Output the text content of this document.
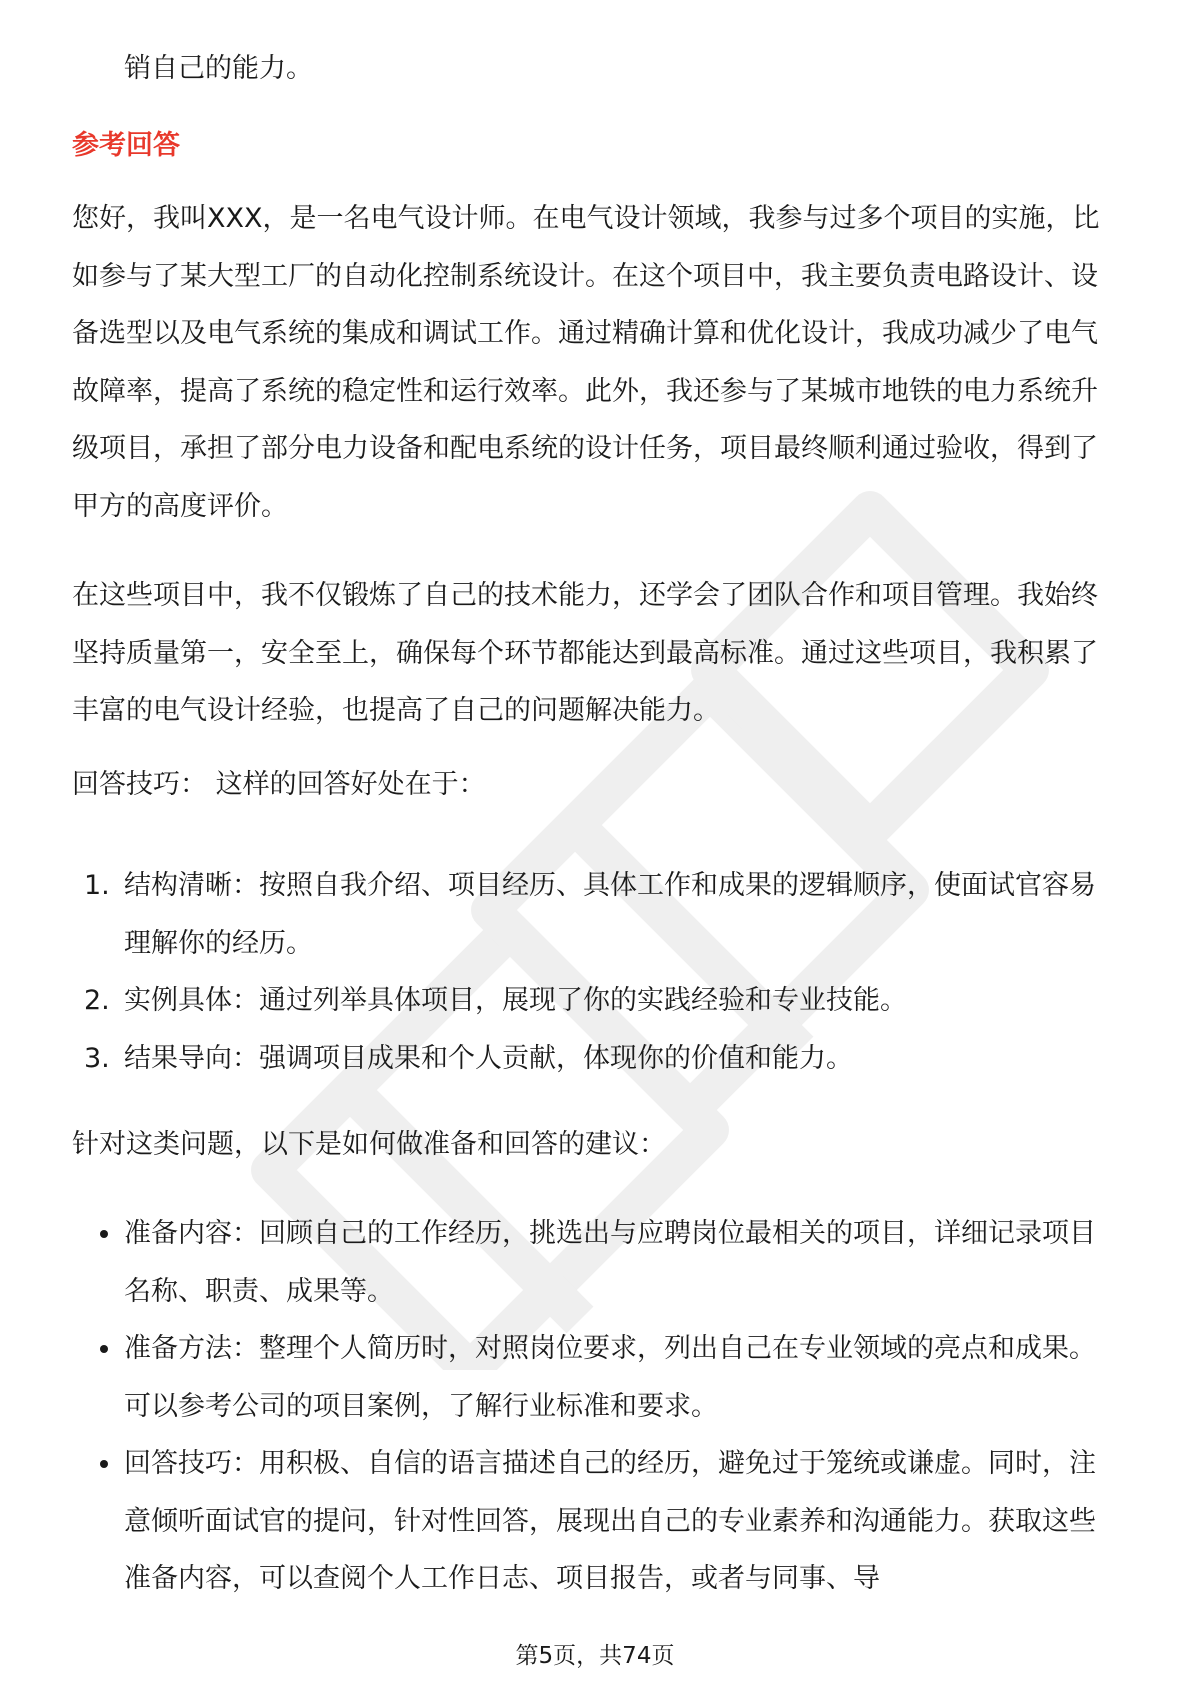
销自己的能力。

参考回答

您好，我叫XXX，是一名电气设计师。在电气设计领域，我参与过多个项目的实施，比如参与了某大型工厂的自动化控制系统设计。在这个项目中，我主要负责电路设计、设备选型以及电气系统的集成和调试工作。通过精确计算和优化设计，我成功减少了电气故障率，提高了系统的稳定性和运行效率。此外，我还参与了某城市地铁的电力系统升级项目，承担了部分电力设备和配电系统的设计任务，项目最终顺利通过验收，得到了甲方的高度评价。

在这些项目中，我不仅锻炼了自己的技术能力，还学会了团队合作和项目管理。我始终坚持质量第一，安全至上，确保每个环节都能达到最高标准。通过这些项目，我积累了丰富的电气设计经验，也提高了自己的问题解决能力。

回答技巧： 这样的回答好处在于：

1. 结构清晰：按照自我介绍、项目经历、具体工作和成果的逻辑顺序，使面试官容易理解你的经历。
2. 实例具体：通过列举具体项目，展现了你的实践经验和专业技能。
3. 结果导向：强调项目成果和个人贡献，体现你的价值和能力。

针对这类问题，以下是如何做准备和回答的建议：

准备内容：回顾自己的工作经历，挑选出与应聘岗位最相关的项目，详细记录项目名称、职责、成果等。
准备方法：整理个人简历时，对照岗位要求，列出自己在专业领域的亮点和成果。可以参考公司的项目案例，了解行业标准和要求。
回答技巧：用积极、自信的语言描述自己的经历，避免过于笼统或谦虚。同时，注意倾听面试官的提问，针对性回答，展现出自己的专业素养和沟通能力。获取这些准备内容，可以查阅个人工作日志、项目报告，或者与同事、导
第5页，共74页
